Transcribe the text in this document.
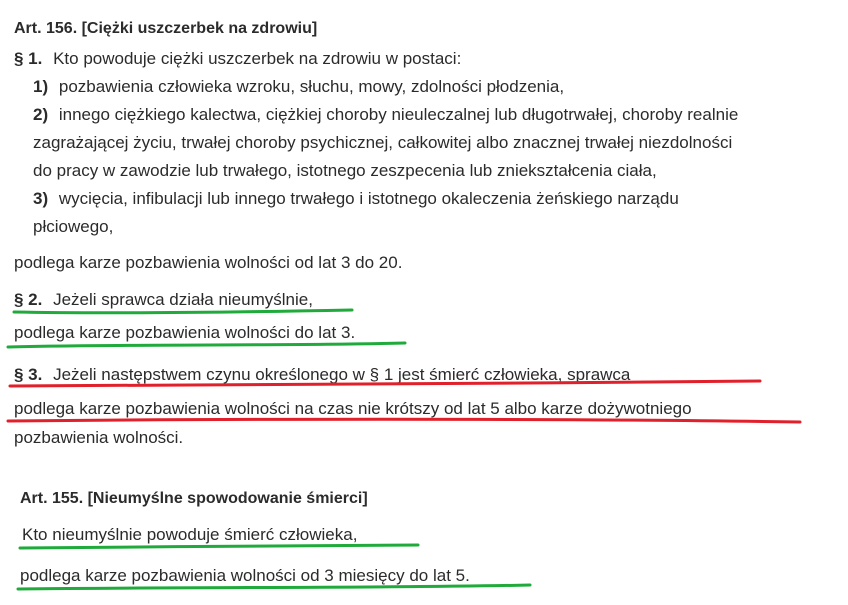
Art. 156. [Ciężki uszczerbek na zdrowiu]
§ 1. Kto powoduje ciężki uszczerbek na zdrowiu w postaci:
1) pozbawienia człowieka wzroku, słuchu, mowy, zdolności płodzenia,
2) innego ciężkiego kalectwa, ciężkiej choroby nieuleczalnej lub długotrwałej, choroby realnie
zagrażającej życiu, trwałej choroby psychicznej, całkowitej albo znacznej trwałej niezdolności
do pracy w zawodzie lub trwałego, istotnego zeszpecenia lub zniekształcenia ciała,
3) wycięcia, infibulacji lub innego trwałego i istotnego okaleczenia żeńskiego narządu
płciowego,
podlega karze pozbawienia wolności od lat 3 do 20.
§ 2. Jeżeli sprawca działa nieumyślnie,
podlega karze pozbawienia wolności do lat 3.
§ 3. Jeżeli następstwem czynu określonego w § 1 jest śmierć człowieka, sprawca
podlega karze pozbawienia wolności na czas nie krótszy od lat 5 albo karze dożywotniego
pozbawienia wolności.
Art. 155. [Nieumyślne spowodowanie śmierci]
Kto nieumyślnie powoduje śmierć człowieka,
podlega karze pozbawienia wolności od 3 miesięcy do lat 5.
